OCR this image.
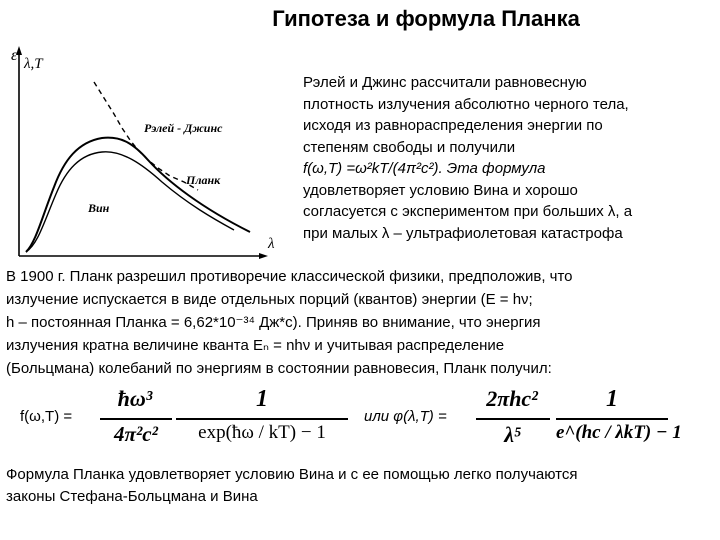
Гипотеза и формула Планка
ε λ,T
λ
Рэлей - Джинс
Планк
Вин
Рэлей и Джинс рассчитали равновесную
плотность излучения абсолютно черного тела,
исходя из равнораспределения энергии по
степеням свободы и получили
f(ω,T) =ω²kT/(4π²c²). Эта формула
удовлетворяет условию Вина и хорошо
согласуется с экспериментом при больших λ, а
при малых λ – ультрафиолетовая катастрофа
В 1900 г. Планк разрешил противоречие классической физики, предположив, что
излучение испускается в виде отдельных порций (квантов) энергии (E = hν;
h – постоянная Планка = 6,62*10⁻³⁴ Дж*с). Приняв во внимание, что энергия
излучения кратна величине кванта Eₙ = nhν и учитывая распределение
(Больцмана) колебаний по энергиям в состоянии равновесия, Планк получил:
f(ω,T) =
ħω³
4π²c²
1
exp(ħω / kT) − 1
или φ(λ,T) =
2πhc²
λ⁵
1
e^(hc / λkT) − 1
Формула Планка удовлетворяет условию Вина и с ее помощью легко получаются
законы Стефана-Больцмана и Вина
